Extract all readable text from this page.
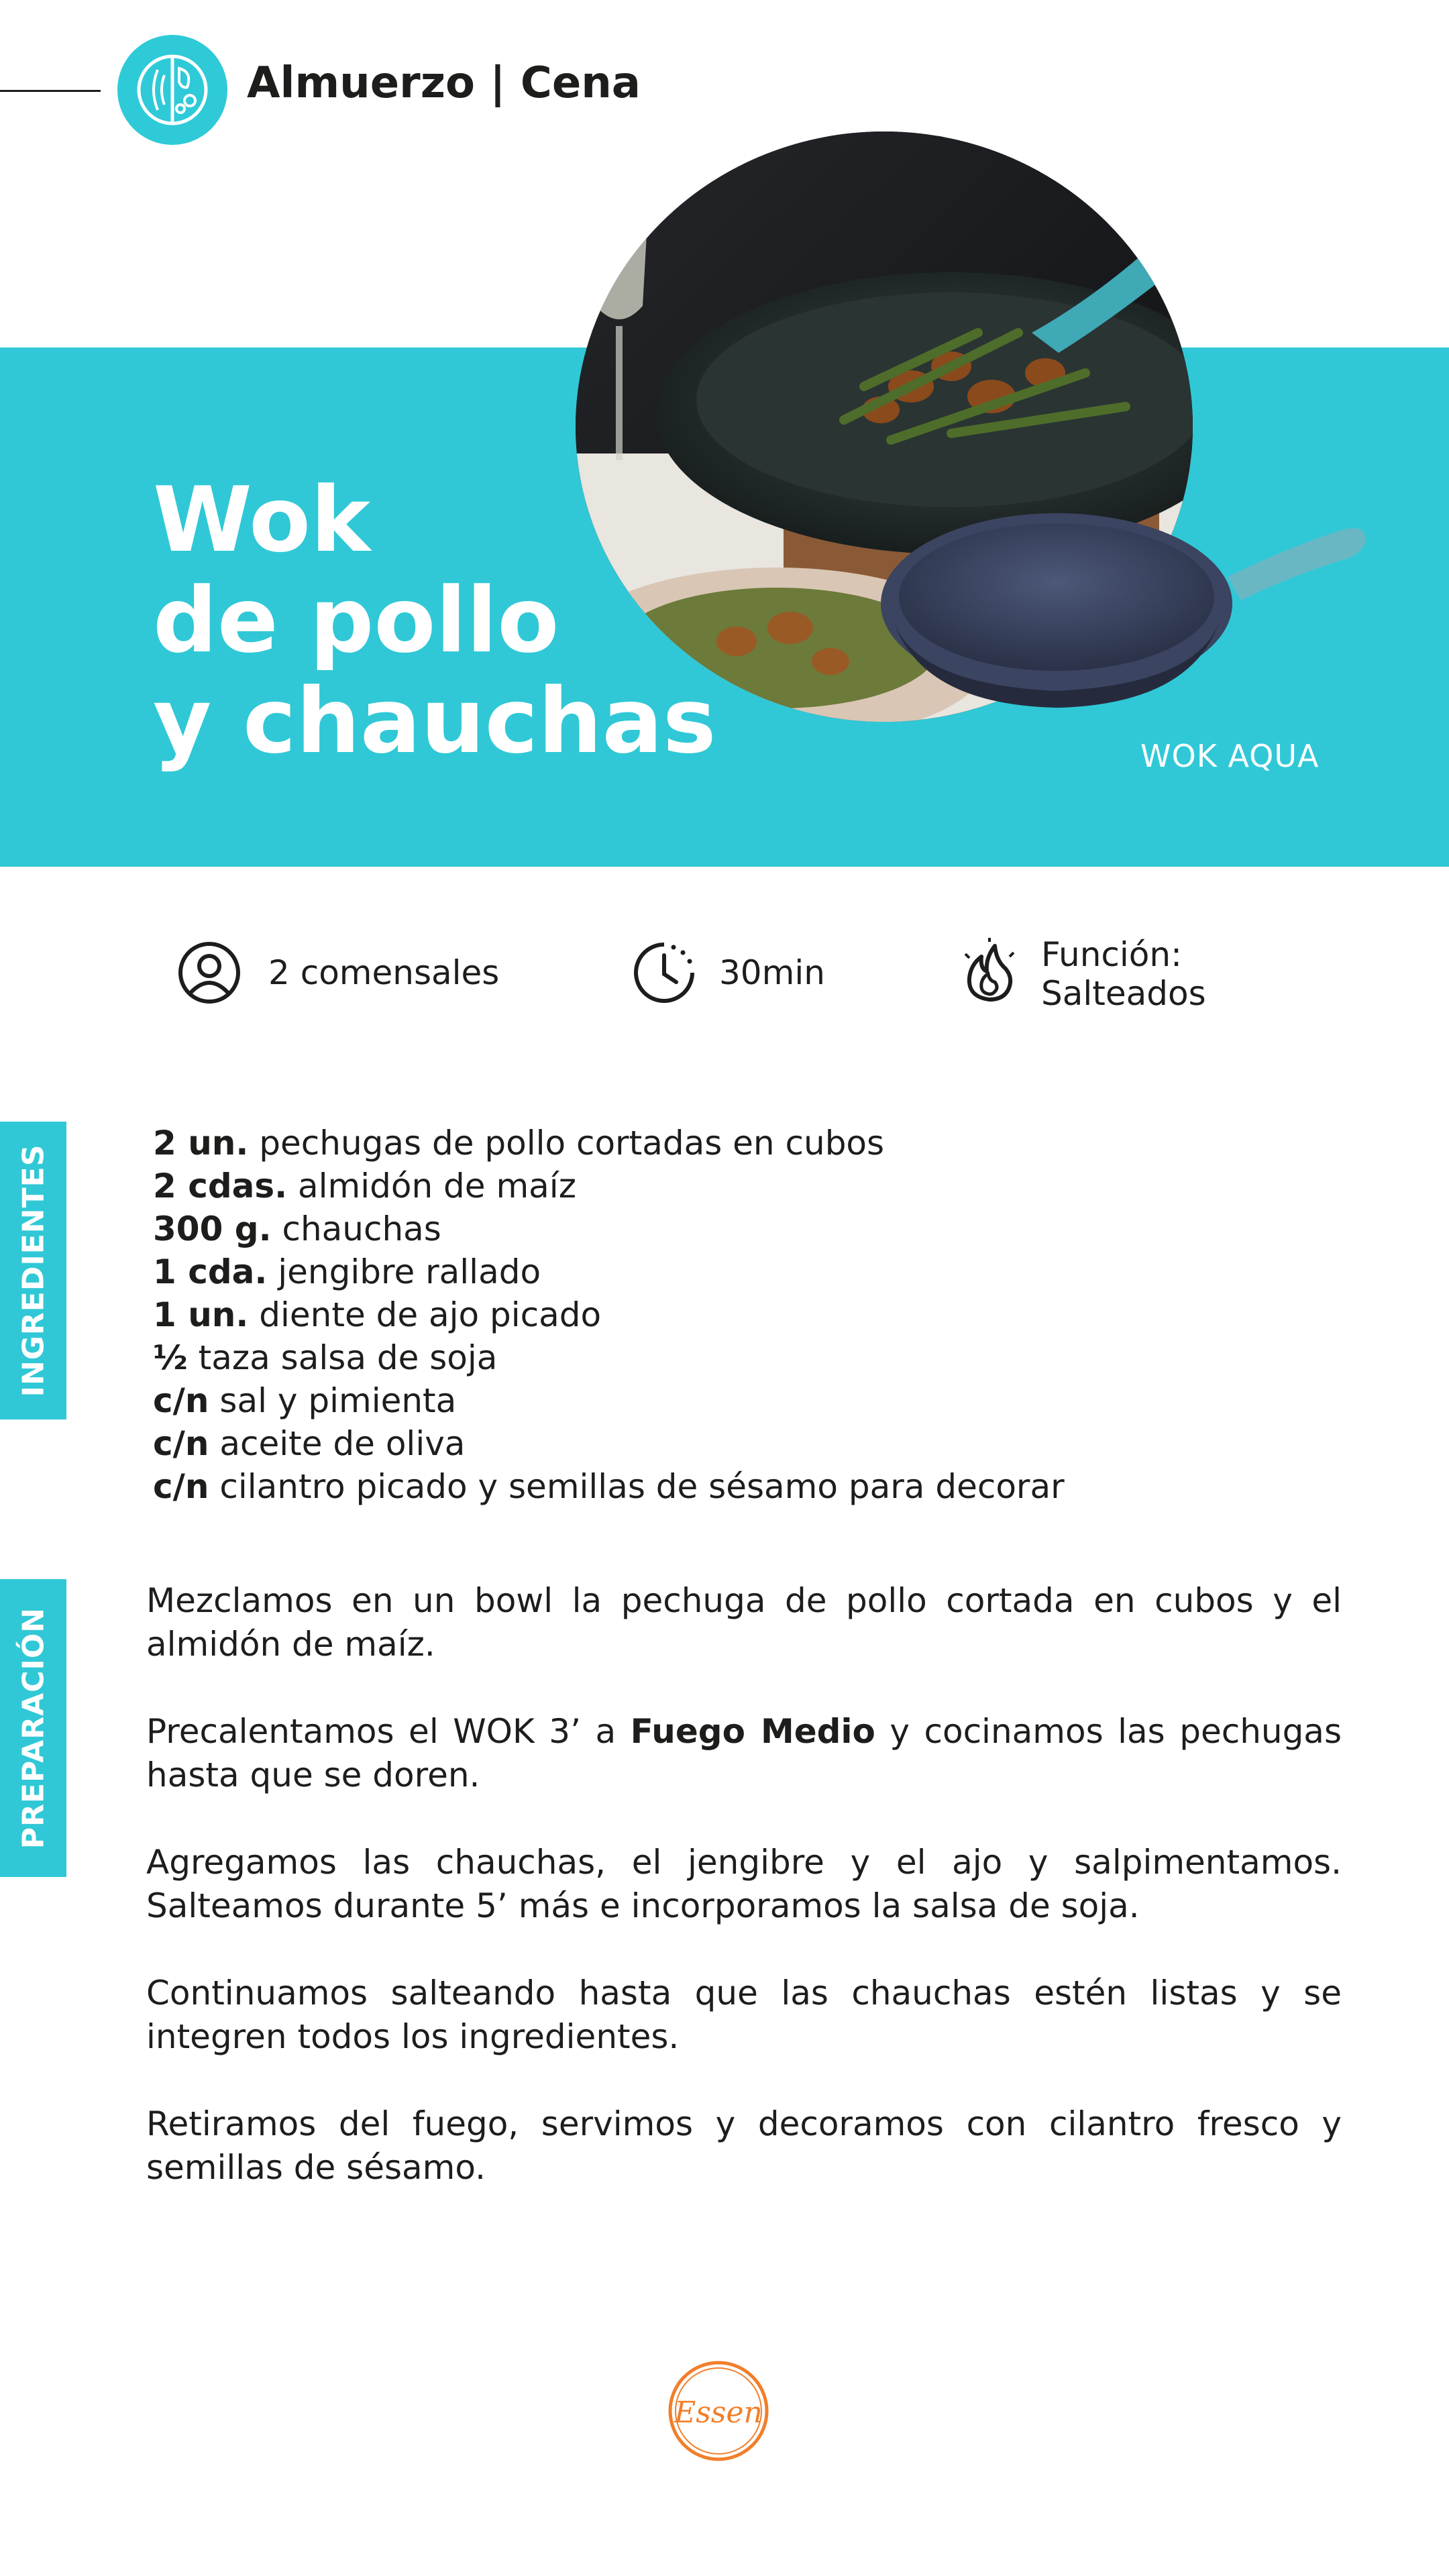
Almuerzo | Cena
Wok
de pollo
y chauchas	WOK AQUA
2 comensales	30min	Función:
Salteados
INGREDIENTES
2 un. pechugas de pollo cortadas en cubos
2 cdas. almidón de maíz
300 g. chauchas
1 cda. jengibre rallado
1 un. diente de ajo picado
½ taza salsa de soja
c/n sal y pimienta
c/n aceite de oliva
c/n cilantro picado y semillas de sésamo para decorar
PREPARACIÓN

Mezclamos en un bowl la pechuga de pollo cortada en cubos y el almidón de maíz.

Precalentamos el WOK 3’ a Fuego Medio y cocinamos las pechugas hasta que se doren.

Agregamos las chauchas, el jengibre y el ajo y salpimentamos. Salteamos durante 5’ más e incorporamos la salsa de soja.

Continuamos salteando hasta que las chauchas estén listas y se integren todos los ingredientes.

Retiramos del fuego, servimos y decoramos con cilantro fresco y semillas de sésamo.

Essen
